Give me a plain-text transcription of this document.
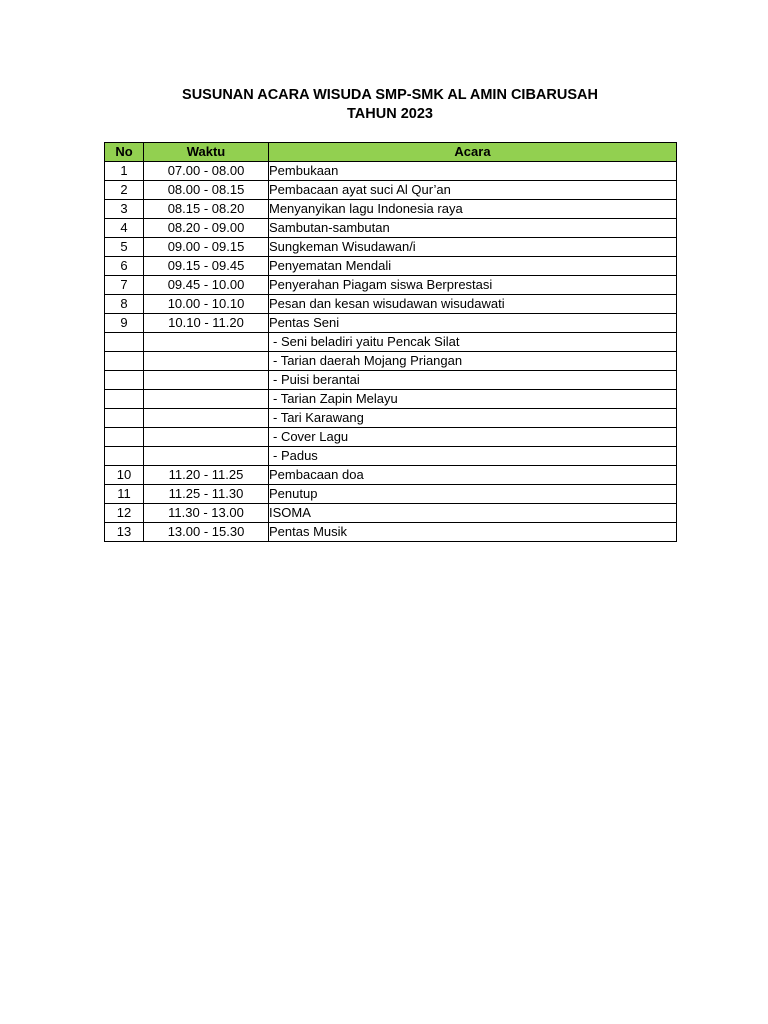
SUSUNAN ACARA WISUDA SMP-SMK AL AMIN CIBARUSAH
TAHUN 2023
No	Waktu	Acara
1	07.00 - 08.00	Pembukaan
2	08.00 - 08.15	Pembacaan ayat suci Al Qur’an
3	08.15 - 08.20	Menyanyikan lagu Indonesia raya
4	08.20 - 09.00	Sambutan-sambutan
5	09.00 - 09.15	Sungkeman Wisudawan/i
6	09.15 - 09.45	Penyematan Mendali
7	09.45 - 10.00	Penyerahan Piagam siswa Berprestasi
8	10.00 - 10.10	Pesan dan kesan wisudawan wisudawati
9	10.10 - 11.20	Pentas Seni
		- Seni beladiri yaitu Pencak Silat
		- Tarian daerah Mojang Priangan
		- Puisi berantai
		- Tarian Zapin Melayu
		- Tari Karawang
		- Cover Lagu
		- Padus
10	11.20 - 11.25	Pembacaan doa
11	11.25 - 11.30	Penutup
12	11.30 - 13.00	ISOMA
13	13.00 - 15.30	Pentas Musik
